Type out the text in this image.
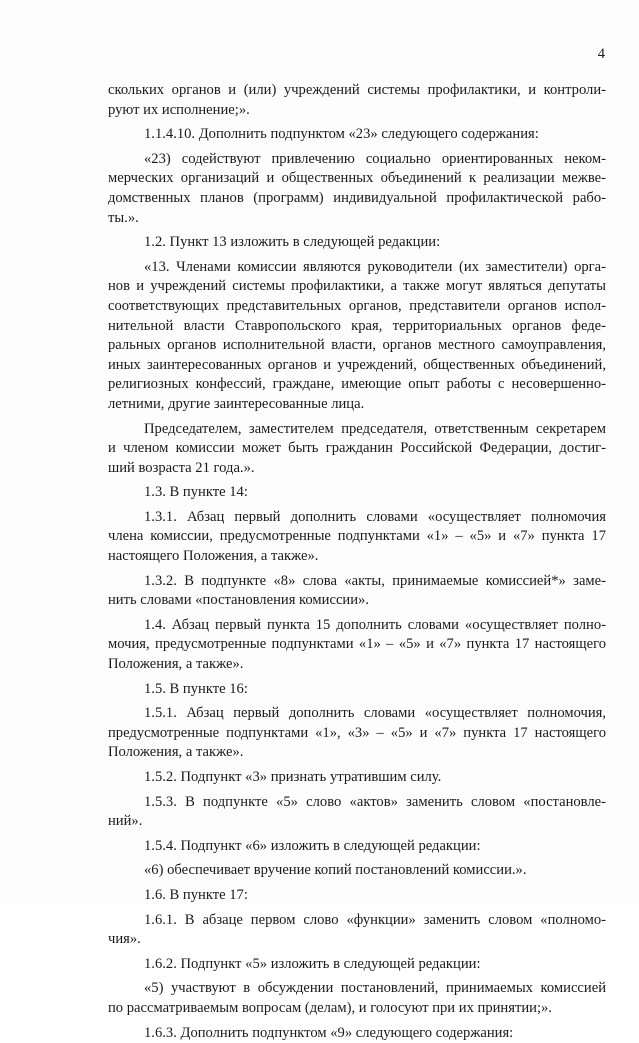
4
скольких органов и (или) учреждений системы профилактики, и контроли-
руют их исполнение;».
1.1.4.10. Дополнить подпунктом «23» следующего содержания:
«23) содействуют привлечению социально ориентированных неком-
мерческих организаций и общественных объединений к реализации межве-
домственных планов (программ) индивидуальной профилактической рабо-
ты.».
1.2. Пункт 13 изложить в следующей редакции:
«13. Членами комиссии являются руководители (их заместители) орга-
нов и учреждений системы профилактики, а также могут являться депутаты
соответствующих представительных органов, представители органов испол-
нительной власти Ставропольского края, территориальных органов феде-
ральных органов исполнительной власти, органов местного самоуправления,
иных заинтересованных органов и учреждений, общественных объединений,
религиозных конфессий, граждане, имеющие опыт работы с несовершенно-
летними, другие заинтересованные лица.
Председателем, заместителем председателя, ответственным секретарем
и членом комиссии может быть гражданин Российской Федерации, достиг-
ший возраста 21 года.».
1.3. В пункте 14:
1.3.1. Абзац первый дополнить словами «осуществляет полномочия
члена комиссии, предусмотренные подпунктами «1» – «5» и «7» пункта 17
настоящего Положения, а также».
1.3.2. В подпункте «8» слова «акты, принимаемые комиссией*» заме-
нить словами «постановления комиссии».
1.4. Абзац первый пункта 15 дополнить словами «осуществляет полно-
мочия, предусмотренные подпунктами «1» – «5» и «7» пункта 17 настоящего
Положения, а также».
1.5. В пункте 16:
1.5.1. Абзац первый дополнить словами «осуществляет полномочия,
предусмотренные подпунктами «1», «3» – «5» и «7» пункта 17 настоящего
Положения, а также».
1.5.2. Подпункт «3» признать утратившим силу.
1.5.3. В подпункте «5» слово «актов» заменить словом «постановле-
ний».
1.5.4. Подпункт «6» изложить в следующей редакции:
«6) обеспечивает вручение копий постановлений комиссии.».
1.6. В пункте 17:
1.6.1. В абзаце первом слово «функции» заменить словом «полномо-
чия».
1.6.2. Подпункт «5» изложить в следующей редакции:
«5) участвуют в обсуждении постановлений, принимаемых комиссией
по рассматриваемым вопросам (делам), и голосуют при их принятии;».
1.6.3. Дополнить подпунктом «9» следующего содержания:
